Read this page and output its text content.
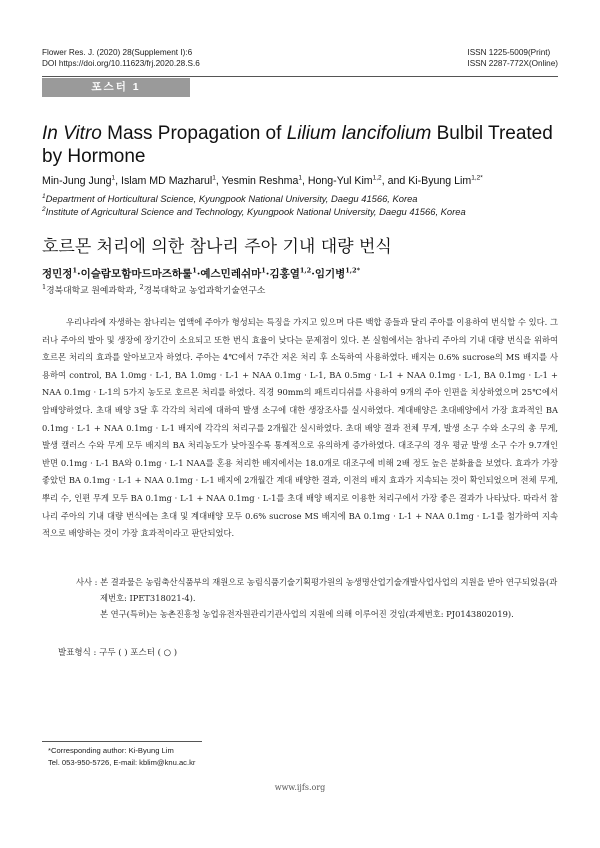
Flower Res. J. (2020) 28(Supplement I):6
DOI https://doi.org/10.11623/frj.2020.28.S.6
ISSN 1225-5009(Print)
ISSN 2287-772X(Online)
포스터 1
In Vitro Mass Propagation of Lilium lancifolium Bulbil Treated by Hormone
Min-Jung Jung$^1$, Islam MD Mazharul$^1$, Yesmin Reshma$^1$, Hong-Yul Kim$^{1,2}$, and Ki-Byung Lim$^{1,2*}$
$^1$Department of Horticultural Science, Kyungpook National University, Daegu 41566, Korea
$^2$Institute of Agricultural Science and Technology, Kyungpook National University, Daegu 41566, Korea
호르몬 처리에 의한 참나리 주아 기내 대량 번식
정민정$^1$·이슬람모함마드마즈하룰$^1$·예스민레쉬마$^1$·김홍열$^{1,2}$·임기병$^{1,2*}$
$^1$경북대학교 원예과학과, $^2$경북대학교 농업과학기술연구소
우리나라에 자생하는 참나리는 엽액에 주아가 형성되는 특징을 가지고 있으며 다른 백합 종들과 달리 주아를 이용하여 번식할 수 있다. 그러나 주아의 발아 및 생장에 장기간이 소요되고 또한 번식 효율이 낮다는 문제점이 있다. 본 실험에서는 참나리 주아의 기내 대량 번식을 위하여 호르몬 처리의 효과를 알아보고자 하였다. 주아는 4℃에서 7주간 저온 처리 후 소독하여 사용하였다. 배지는 0.6% sucrose의 MS 배지를 사용하여 control, BA 1.0mg · L-1, BA 1.0mg · L-1 + NAA 0.1mg · L-1, BA 0.5mg · L-1 + NAA 0.1mg · L-1, BA 0.1mg · L-1 + NAA 0.1mg · L-1의 5가지 농도로 호르몬 처리를 하였다. 직경 90mm의 패트리디쉬를 사용하여 9개의 주아 인편을 치상하였으며 25℃에서 암배양하였다. 초대 배양 3달 후 각각의 처리에 대하여 발생 소구에 대한 생장조사를 실시하였다. 계대배양은 초대배양에서 가장 효과적인 BA 0.1mg · L-1 + NAA 0.1mg · L-1 배지에 각각의 처리구를 2개월간 실시하였다. 초대 배양 결과 전체 무게, 발생 소구 수와 소구의 총 무게, 발생 캘러스 수와 무게 모두 배지의 BA 처리농도가 낮아질수록 통계적으로 유의하게 증가하였다. 대조구의 경우 평균 발생 소구 수가 9.7개인 반면 0.1mg · L-1 BA와 0.1mg · L-1 NAA를 혼용 처리한 배지에서는 18.0개로 대조구에 비해 2배 정도 높은 분화율을 보였다. 효과가 가장 좋았던 BA 0.1mg · L-1 + NAA 0.1mg · L-1 배지에 2개월간 계대 배양한 결과, 이전의 배지 효과가 지속되는 것이 확인되었으며 전체 무게, 뿌리 수, 인편 무게 모두 BA 0.1mg · L-1 + NAA 0.1mg · L-1를 초대 배양 배지로 이용한 처리구에서 가장 좋은 결과가 나타났다. 따라서 참나리 주아의 기내 대량 번식에는 초대 및 계대배양 모두 0.6% sucrose MS 배지에 BA 0.1mg · L-1 + NAA 0.1mg · L-1를 첨가하여 지속적으로 배양하는 것이 가장 효과적이라고 판단되었다.

사사 : 본 결과물은 농림축산식품부의 재원으로 농림식품기술기획평가원의 농생명산업기술개발사업사업의 지원을 받아 연구되었음(과제번호: IPET318021-4).

본 연구(특허)는 농촌진흥청 농업유전자원관리기관사업의 지원에 의해 이루어진 것임(과제번호: PJ0143802019).

발표형식 : 구두 ( ) 포스터 ( ○ )
*Corresponding author: Ki-Byung Lim
Tel. 053-950-5726, E-mail: kblim@knu.ac.kr
www.ijfs.org
